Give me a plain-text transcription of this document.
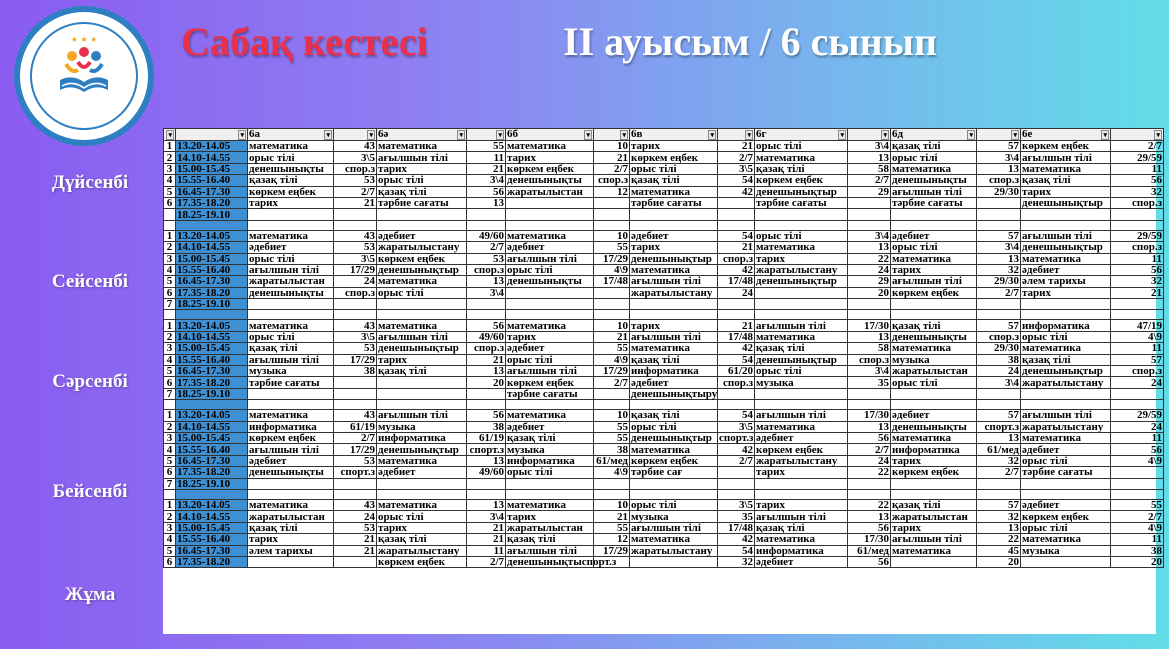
★ ★ ★ Сабақ кестесі	II ауысым / 6 сынып
Дүйсенбі
Сейсенбі
Сәрсенбі
Бейсенбі
Жұма
▾	▾	6а ▾	▾	6ә ▾	▾	6б ▾	▾	6в ▾	▾	6г ▾	▾	6д ▾	▾	6е ▾	▾

1	13.20-14.05	математика	43	математика	55	математика	10	тарих	21	орыс тілі	3\4	қазақ тілі	57	көркем еңбек	2/7
2	14.10-14.55	орыс тілі	3\5	ағылшын тілі	11	тарих	21	көркем еңбек	2/7	математика	13	орыс тілі	3\4	ағылшын тілі	29/59
3	15.00-15.45	денешынықты	спор.з	тарих	21	көркем еңбек	2/7	орыс тілі	3\5	қазақ тілі	58	математика	13	математика	11
4	15.55-16.40	қазақ тілі	53	орыс тілі	3\4	денешынықты	спор.з	қазақ тілі	54	көркем еңбек	2/7	денешынықты	спор.з	қазақ тілі	56
5	16.45-17.30	көркем еңбек	2/7	қазақ тілі	56	жаратылыстан	12	математика	42	денешынықтыр	29	ағылшын тілі	29/30	тарих	32
6	17.35-18.20	тарих	21	тәрбие сағаты	13			тәрбие сағаты		тәрбие сағаты		тәрбие сағаты		денешынықтыр	спор.з
	18.25-19.10														

1	13.20-14.05	математика	43	әдебиет	49/60	математика	10	әдебиет	54	орыс тілі	3\4	әдебиет	57	ағылшын тілі	29/59
2	14.10-14.55	әдебиет	53	жаратылыстану	2/7	әдебиет	55	тарих	21	математика	13	орыс тілі	3\4	денешынықтыр	спор.з
3	15.00-15.45	орыс тілі	3\5	көркем еңбек	53	ағылшын тілі	17/29	денешынықтыр	спор.з	тарих	22	математика	13	математика	11
4	15.55-16.40	ағылшын тілі	17/29	денешынықтыр	спор.з	орыс тілі	4\9	математика	42	жаратылыстану	24	тарих	32	әдебиет	56
5	16.45-17.30	жаратылыстан	24	математика	13	денешынықты	17/48	ағылшын тілі	17/48	денешынықтыр	29	ағылшын тілі	29/30	әлем тарихы	32
6	17.35-18.20	денешынықты	спор.з	орыс тілі	3\4			жаратылыстану	24		20	көркем еңбек	2/7	тарих	21
7	18.25-19.10														

1	13.20-14.05	математика	43	математика	56	математика	10	тарих	21	ағылшын тілі	17/30	қазақ тілі	57	информатика	47/19
2	14.10-14.55	орыс тілі	3\5	ағылшын тілі	49/60	тарих	21	ағылшын тілі	17/48	математика	13	денешынықты	спор.з	орыс тілі	4\9
3	15.00-15.45	қазақ тілі	53	денешынықтыр	спор.з	әдебиет	55	математика	42	қазақ тілі	58	математика	29/30	математика	11
4	15.55-16.40	ағылшын тілі	17/29	тарих	21	орыс тілі	4\9	қазақ тілі	54	денешынықтыр	спор.з	музыка	38	қазақ тілі	57
5	16.45-17.30	музыка	38	қазақ тілі	13	ағылшын тілі	17/29	информатика	61/20	орыс тілі	3\4	жаратылыстан	24	денешынықтыр	спор.з
6	17.35-18.20	тәрбие сағаты			20	көркем еңбек	2/7	әдебиет	спор.з	музыка	35	орыс тілі	3\4	жаратылыстану	24
7	18.25-19.10					тәрбие сағаты		денешынықтыру							

1	13.20-14.05	математика	43	ағылшын тілі	56	математика	10	қазақ тілі	54	ағылшын тілі	17/30	әдебиет	57	ағылшын тілі	29/59
2	14.10-14.55	информатика	61/19	музыка	38	әдебиет	55	орыс тілі	3\5	математика	13	денешынықты	спорт.з	жаратылыстану	24
3	15.00-15.45	көркем еңбек	2/7	информатика	61/19	қазақ тілі	55	денешынықтыр	спорт.з	әдебиет	56	математика	13	математика	11
4	15.55-16.40	ағылшын тілі	17/29	денешынықтыр	спорт.з	музыка	38	математика	42	көркем еңбек	2/7	информатика	61/мед	әдебиет	56
5	16.45-17.30	әдебиет	53	математика	13	информатика	61/мед	көркем еңбек	2/7	жаратылыстану	24	тарих	32	орыс тілі	4\9
6	17.35-18.20	денешынықты	спорт.з	әдебиет	49/60	орыс тілі	4\9	тәрбие сағ		тарих	22	көркем еңбек	2/7	тәрбие сағаты	
7	18.25-19.10														

1	13.20-14.05	математика	43	математика	13	математика	10	орыс тілі	3\5	тарих	22	қазақ тілі	57	әдебиет	55
2	14.10-14.55	жаратылыстан	24	орыс тілі	3\4	тарих	21	музыка	35	ағылшын тілі	13	жаратылыстан	32	көркем еңбек	2/7
3	15.00-15.45	қазақ тілі	53	тарих	21	жаратылыстан	55	ағылшын тілі	17/48	қазақ тілі	56	тарих	13	орыс тілі	4\9
4	15.55-16.40	тарих	21	қазақ тілі	21	қазақ тілі	12	математика	42	математика	17/30	ағылшын тілі	22	математика	11
5	16.45-17.30	әлем тарихы	21	жаратылыстану	11	ағылшын тілі	17/29	жаратылыстану	54	информатика	61/мед	математика	45	музыка	38
6	17.35-18.20			көркем еңбек	2/7	денешынықтыспорт.з			32	әдебиет	56		20		20
